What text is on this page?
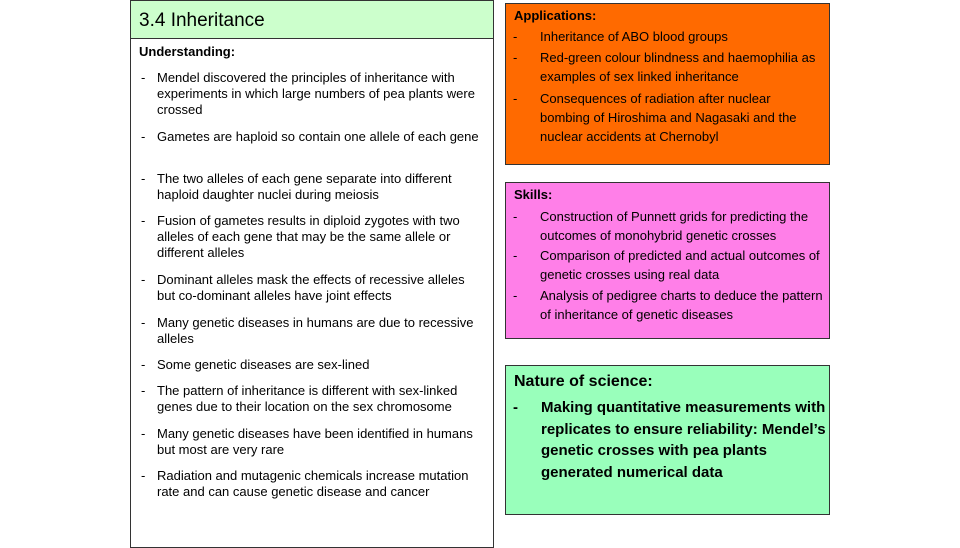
3.4 Inheritance
Understanding:
- Mendel discovered the principles of inheritance with experiments in which large numbers of pea plants were crossed
- Gametes are haploid so contain one allele of each gene
- The two alleles of each gene separate into different haploid daughter nuclei during meiosis
- Fusion of gametes results in diploid zygotes with two alleles of each gene that may be the same allele or different alleles
- Dominant alleles mask the effects of recessive alleles but co-dominant alleles have joint effects
- Many genetic diseases in humans are due to recessive alleles
- Some genetic diseases are sex-lined
- The pattern of inheritance is different with sex-linked genes due to their location on the sex chromosome
- Many genetic diseases have been identified in humans but most are very rare
- Radiation and mutagenic chemicals increase mutation rate and can cause genetic disease and cancer
Applications:
- Inheritance of ABO blood groups
- Red-green colour blindness and haemophilia as examples of sex linked inheritance
- Consequences of radiation after nuclear bombing of Hiroshima and Nagasaki and the nuclear accidents at Chernobyl
Skills:
- Construction of Punnett grids for predicting the outcomes of monohybrid genetic crosses
- Comparison of predicted and actual outcomes of genetic crosses using real data
- Analysis of pedigree charts to deduce the pattern of inheritance of genetic diseases
Nature of science:
- Making quantitative measurements with replicates to ensure reliability: Mendel’s genetic crosses with pea plants generated numerical data
